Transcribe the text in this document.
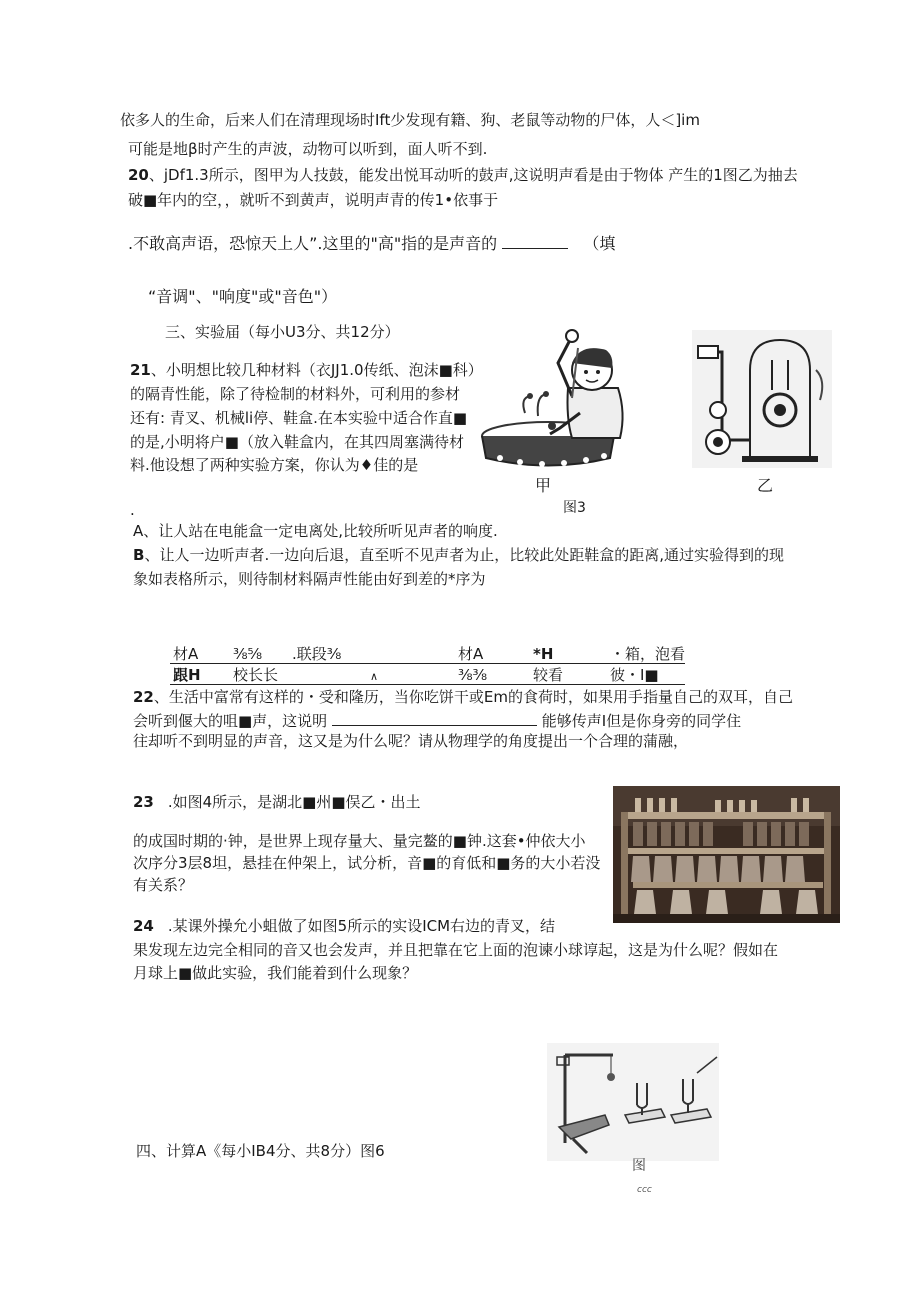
依多人的生命，后来人们在清理现场时Ift少发现有籍、狗、老鼠等动物的尸体，人＜]im
可能是地β时产生的声波，动物可以听到，面人听不到.
20、jDf1.3所示，图甲为人技鼓，能发出悦耳动听的鼓声,这说明声看是由于物体 产生的1图乙为抽去
破■年内的空，，就听不到黄声，说明声青的传1•依事于
.不敢高声语，恐惊天上人”.这里的"高"指的是声音的	（填
“音调"、"响度"或"音色"）
三、实验届（每小U3分、共12分）
21、小明想比较几种材料（衣JJ1.0传纸、泡沫■科）
的隔青性能，除了待检制的材料外，可利用的参材
还有: 青叉、机械li停、鞋盒.在本实验中适合作直■
的是,小明将户■（放入鞋盒内，在其四周塞满待材
料.他设想了两种实验方案，你认为♦佳的是
.
甲	乙
图3
A、让人站在电能盒一定电离处,比较所听见声者的响度.
B、让人一边听声者.一边向后退，直至听不见声者为止，比较此处距鞋盒的距离,通过实验得到的现
象如表格所示，则待制材料隔声性能由好到差的*序为
材A ⅜⅝ .联段⅜	材A	*H	・箱，泡看
跟H 校长长	∧	⅜⅜	较看	彼・I■
22、生活中富常有这样的・受和隆历，当你吃饼干或Em的食荷时，如果用手指量自己的双耳，自己
会听到偃大的咀■声，这说明	能够传声I但是你身旁的同学住
往却听不到明显的声音，这又是为什么呢？请从物理学的角度提出一个合理的蒲融，
23 .如图4所示，是湖北■州■俣乙・出土
的成国时期的·钟，是世界上现存量大、量完鳌的■钟.这套•仲依大小
次序分3层8坦，悬挂在仲架上，试分析，音■的育低和■务的大小若没
有关系？
24 .某课外操允小蛆做了如图5所示的实设ICM右边的青叉，结
果发现左边完全相同的音又也会发声，并且把靠在它上面的泡谏小球谆起，这是为什么呢？假如在
月球上■做此实验，我们能着到什么现象？
图
ccc
四、计算A《每小IB4分、共8分）图6
